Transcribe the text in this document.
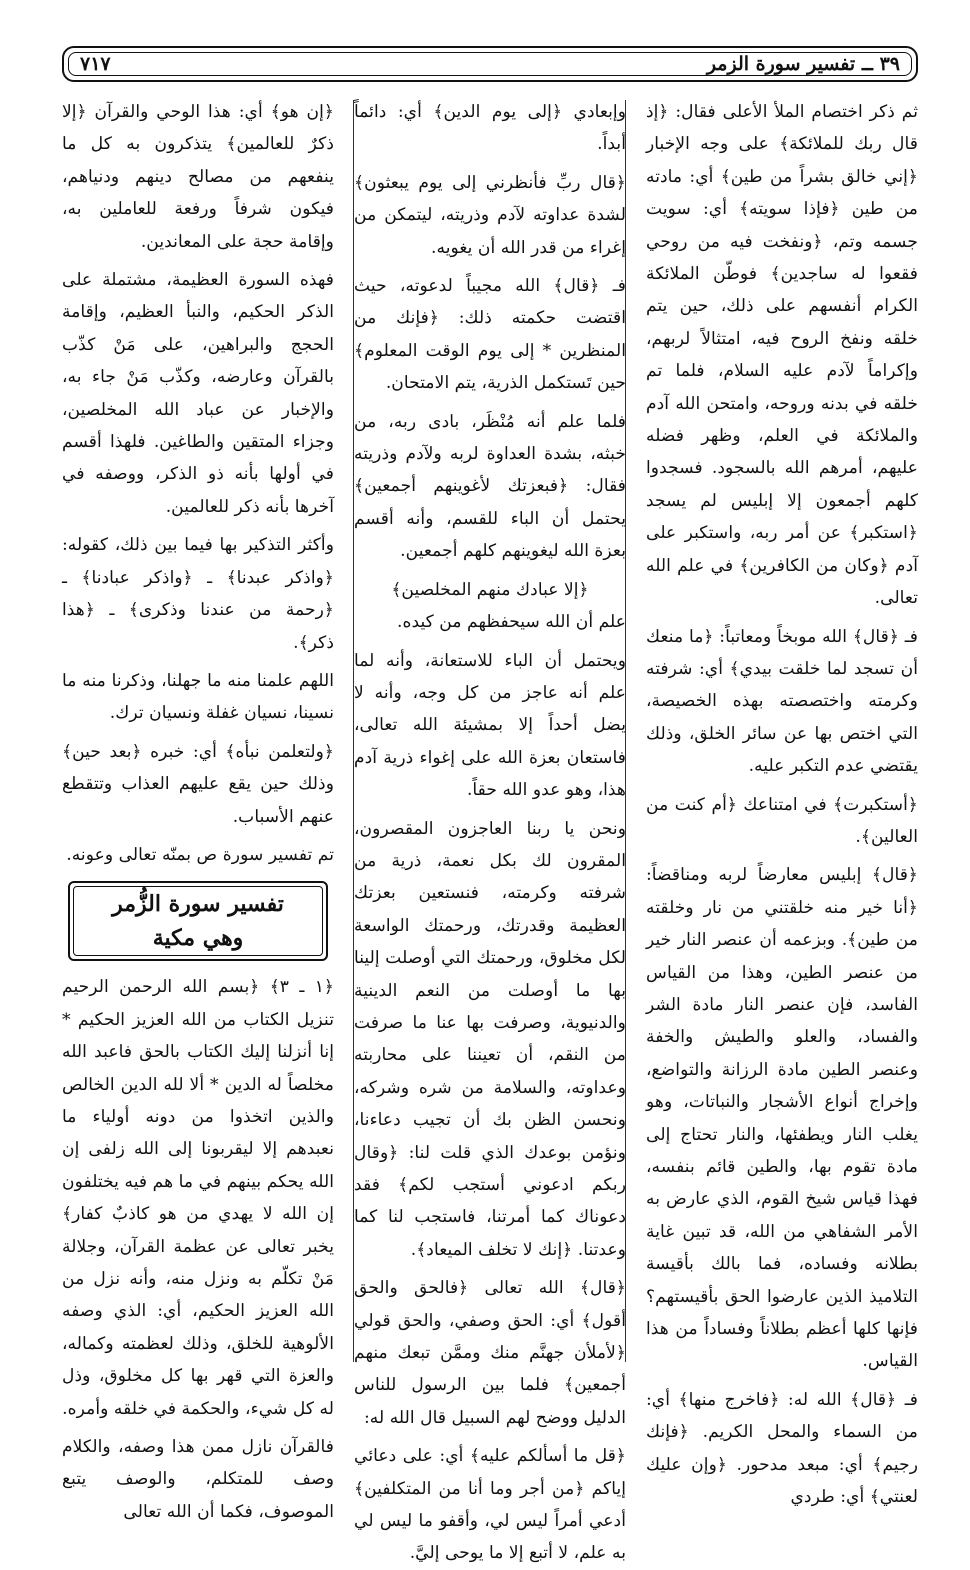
٣٩ ــ تفسير سورة الزمر
٧١٧

ثم ذكر اختصام الملأ الأعلى فقال: ﴿إذ قال ربك للملائكة﴾ على وجه الإخبار ﴿إني خالق بشراً من طين﴾ أي: مادته من طين ﴿فإذا سويته﴾ أي: سويت جسمه وتم، ﴿ونفخت فيه من روحي فقعوا له ساجدين﴾ فوطّن الملائكة الكرام أنفسهم على ذلك، حين يتم خلقه ونفخ الروح فيه، امتثالاً لربهم، وإكراماً لآدم عليه السلام، فلما تم خلقه في بدنه وروحه، وامتحن الله آدم والملائكة في العلم، وظهر فضله عليهم، أمرهم الله بالسجود. فسجدوا كلهم أجمعون إلا إبليس لم يسجد ﴿استكبر﴾ عن أمر ربه، واستكبر على آدم ﴿وكان من الكافرين﴾ في علم الله تعالى.

فـ ﴿قال﴾ الله موبخاً ومعاتباً: ﴿ما منعك أن تسجد لما خلقت بيدي﴾ أي: شرفته وكرمته واختصصته بهذه الخصيصة، التي اختص بها عن سائر الخلق، وذلك يقتضي عدم التكبر عليه.

﴿أستكبرت﴾ في امتناعك ﴿أم كنت من العالين﴾.

﴿قال﴾ إبليس معارضاً لربه ومناقضاً: ﴿أنا خير منه خلقتني من نار وخلقته من طين﴾. وبزعمه أن عنصر النار خير من عنصر الطين، وهذا من القياس الفاسد، فإن عنصر النار مادة الشر والفساد، والعلو والطيش والخفة وعنصر الطين مادة الرزانة والتواضع، وإخراج أنواع الأشجار والنباتات، وهو يغلب النار ويطفئها، والنار تحتاج إلى مادة تقوم بها، والطين قائم بنفسه، فهذا قياس شيخ القوم، الذي عارض به الأمر الشفاهي من الله، قد تبين غاية بطلانه وفساده، فما بالك بأقيسة التلاميذ الذين عارضوا الحق بأقيستهم؟ فإنها كلها أعظم بطلاناً وفساداً من هذا القياس.

فـ ﴿قال﴾ الله له: ﴿فاخرج منها﴾ أي: من السماء والمحل الكريم. ﴿فإنك رجيم﴾ أي: مبعد مدحور. ﴿وإن عليك لعنتي﴾ أي: طردي

وإبعادي ﴿إلى يوم الدين﴾ أي: دائماً أبداً.

﴿قال ربِّ فأنظرني إلى يوم يبعثون﴾ لشدة عداوته لآدم وذريته، ليتمكن من إغراء من قدر الله أن يغويه.

فـ ﴿قال﴾ الله مجيباً لدعوته، حيث اقتضت حكمته ذلك: ﴿فإنك من المنظرين * إلى يوم الوقت المعلوم﴾ حين تَستكمل الذرية، يتم الامتحان.

فلما علم أنه مُنْظَر، بادى ربه، من خبثه، بشدة العداوة لربه ولآدم وذريته فقال: ﴿فبعزتك لأغوينهم أجمعين﴾ يحتمل أن الباء للقسم، وأنه أقسم بعزة الله ليغوينهم كلهم أجمعين.

﴿إلا عبادك منهم المخلصين﴾

علم أن الله سيحفظهم من كيده.

ويحتمل أن الباء للاستعانة، وأنه لما علم أنه عاجز من كل وجه، وأنه لا يضل أحداً إلا بمشيئة الله تعالى، فاستعان بعزة الله على إغواء ذرية آدم هذا، وهو عدو الله حقاً.

ونحن يا ربنا العاجزون المقصرون، المقرون لك بكل نعمة، ذرية من شرفته وكرمته، فنستعين بعزتك العظيمة وقدرتك، ورحمتك الواسعة لكل مخلوق، ورحمتك التي أوصلت إلينا بها ما أوصلت من النعم الدينية والدنيوية، وصرفت بها عنا ما صرفت من النقم، أن تعيننا على محاربته وعداوته، والسلامة من شره وشركه، ونحسن الظن بك أن تجيب دعاءنا، ونؤمن بوعدك الذي قلت لنا: ﴿وقال ربكم ادعوني أستجب لكم﴾ فقد دعوناك كما أمرتنا، فاستجب لنا كما وعدتنا. ﴿إنك لا تخلف الميعاد﴾.

﴿قال﴾ الله تعالى ﴿فالحق والحق أقول﴾ أي: الحق وصفي، والحق قولي ﴿لأملأن جهنَّم منك وممَّن تبعك منهم أجمعين﴾ فلما بين الرسول للناس الدليل ووضح لهم السبيل قال الله له:

﴿قل ما أسألكم عليه﴾ أي: على دعائي إياكم ﴿من أجر وما أنا من المتكلفين﴾ أدعي أمراً ليس لي، وأقفو ما ليس لي به علم، لا أتبع إلا ما يوحى إليَّ.

﴿إن هو﴾ أي: هذا الوحي والقرآن ﴿إلا ذكرٌ للعالمين﴾ يتذكرون به كل ما ينفعهم من مصالح دينهم ودنياهم، فيكون شرفاً ورفعة للعاملين به، وإقامة حجة على المعاندين.

فهذه السورة العظيمة، مشتملة على الذكر الحكيم، والنبأ العظيم، وإقامة الحجج والبراهين، على مَنْ كذّب بالقرآن وعارضه، وكذّب مَنْ جاء به، والإخبار عن عباد الله المخلصين، وجزاء المتقين والطاغين. فلهذا أقسم في أولها بأنه ذو الذكر، ووصفه في آخرها بأنه ذكر للعالمين.

وأكثر التذكير بها فيما بين ذلك، كقوله: ﴿واذكر عبدنا﴾ ـ ﴿واذكر عبادنا﴾ ـ ﴿رحمة من عندنا وذكرى﴾ ـ ﴿هذا ذكر﴾.

اللهم علمنا منه ما جهلنا، وذكرنا منه ما نسينا، نسيان غفلة ونسيان ترك.

﴿ولتعلمن نبأه﴾ أي: خبره ﴿بعد حين﴾ وذلك حين يقع عليهم العذاب وتتقطع عنهم الأسباب.

تم تفسير سورة ص بمنّه تعالى وعونه.

تفسير سورة الزُّمر
وهي مكية

﴿١ ـ ٣﴾ ﴿بسم الله الرحمن الرحيم تنزيل الكتاب من الله العزيز الحكيم * إنا أنزلنا إليك الكتاب بالحق فاعبد الله مخلصاً له الدين * ألا لله الدين الخالص والذين اتخذوا من دونه أولياء ما نعبدهم إلا ليقربونا إلى الله زلفى إن الله يحكم بينهم في ما هم فيه يختلفون إن الله لا يهدي من هو كاذبٌ كفار﴾ يخبر تعالى عن عظمة القرآن، وجلالة مَنْ تكلّم به ونزل منه، وأنه نزل من الله العزيز الحكيم، أي: الذي وصفه الألوهية للخلق، وذلك لعظمته وكماله، والعزة التي قهر بها كل مخلوق، وذل له كل شيء، والحكمة في خلقه وأمره.

فالقرآن نازل ممن هذا وصفه، والكلام وصف للمتكلم، والوصف يتبع الموصوف، فكما أن الله تعالى
